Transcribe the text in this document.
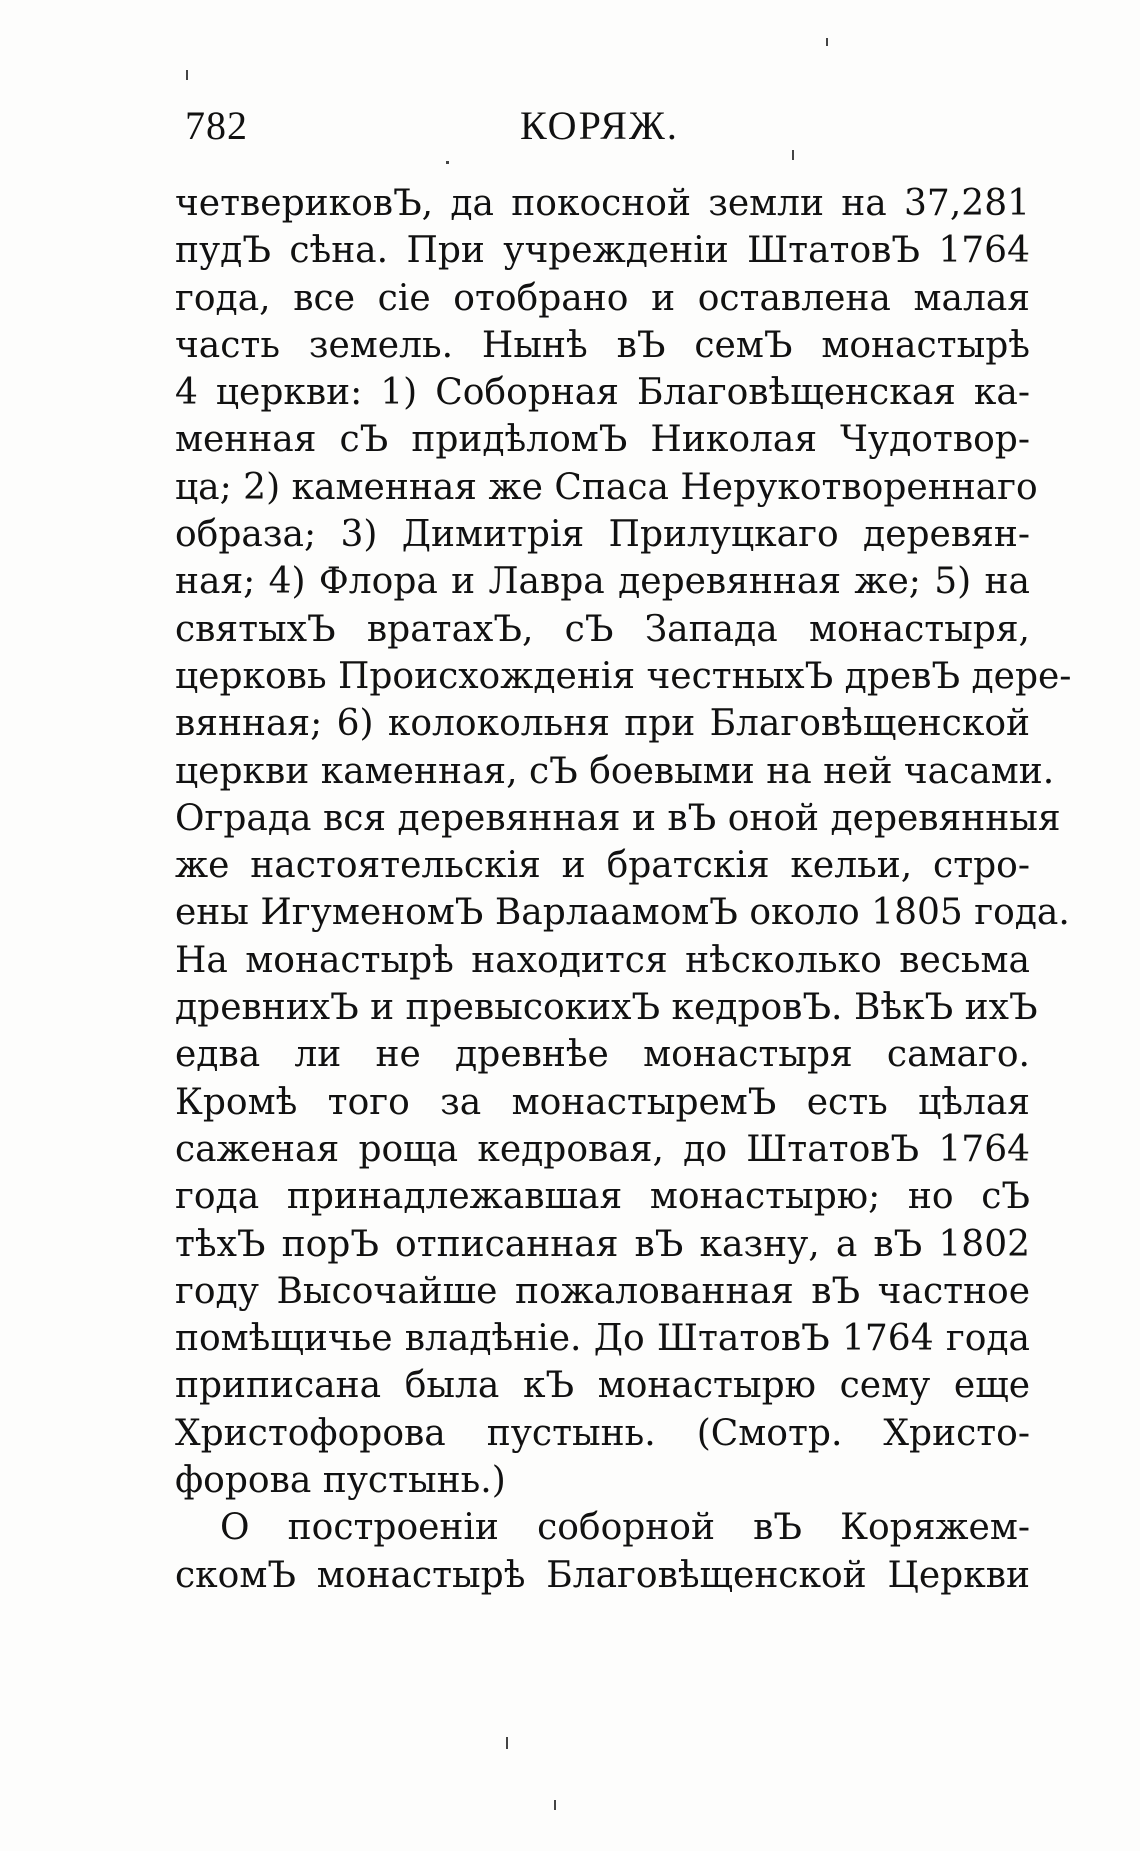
782	КОРЯЖ.
четвериковЪ, да покосной земли на 37,281
пудЪ сѣна. При учрежденіи ШтатовЪ 1764
года, все сіе отобрано и оставлена малая
часть земель. Нынѣ вЪ семЪ монастырѣ
4 церкви: 1) Соборная Благовѣщенская ка-
менная сЪ придѣломЪ Николая Чудотвор-
ца; 2) каменная же Спаса Нерукотвореннаго
образа; 3) Димитрія Прилуцкаго деревян-
ная; 4) Флора и Лавра деревянная же; 5) на
святыхЪ вратахЪ, сЪ Запада монастыря,
церковь Происхожденія честныхЪ древЪ дере-
вянная; 6) колокольня при Благовѣщенской
церкви каменная, сЪ боевыми на ней часами.
Ограда вся деревянная и вЪ оной деревянныя
же настоятельскія и братскія кельи, стро-
ены ИгуменомЪ ВарлаамомЪ около 1805 года.
На монастырѣ находится нѣсколько весьма
древнихЪ и превысокихЪ кедровЪ. ВѣкЪ ихЪ
едва ли не древнѣе монастыря самаго.
Кромѣ того за монастыремЪ есть цѣлая
саженая роща кедровая, до ШтатовЪ 1764
года принадлежавшая монастырю; но сЪ
тѣхЪ порЪ отписанная вЪ казну, а вЪ 1802
году Высочайше пожалованная вЪ частное
помѣщичье владѣніе. До ШтатовЪ 1764 года
приписана была кЪ монастырю сему еще
Христофорова пустынь. (Смотр. Христо-
форова пустынь.)
О построеніи соборной вЪ Коряжем-
скомЪ монастырѣ Благовѣщенской Церкви
